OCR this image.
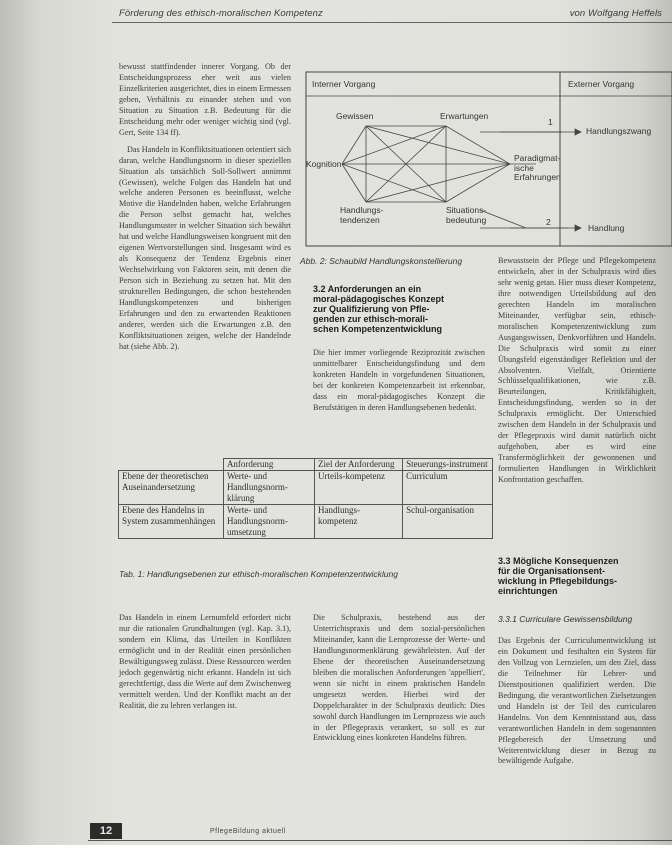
Förderung des ethisch-moralischen Kompetenz	von Wolfgang Heffels

bewusst stattfindender innerer Vorgang. Ob der Entscheidungsprozess eher weit aus vielen Einzelkriterien ausgerichtet, dies in einem Ermessen geben, Verhältnis zu einander stehen und von Situation zu Situation z.B. Bedeutung für die Entscheidung mehr oder weniger wichtig sind (vgl. Gert, Seite 134 ff).

Das Handeln in Konfliktsituationen orientiert sich daran, welche Handlungsnorm in dieser speziellen Situation als tatsächlich Soll-Sollwert annimmt (Gewissen), welche Folgen das Handeln hat und welche anderen Personen es beeinflusst, welche Motive die Handelnden haben, welche Erfahrungen die Person selbst gemacht hat, welches Handlungsmuster in welcher Situation sich bewährt hat und welche Handlungsweisen kongruent mit den eigenen Wertvorstellungen sind. Insgesamt wird es als Konsequenz der Tendenz Ergebnis einer Wechselwirkung von Faktoren sein, mit denen die Person sich in Beziehung zu setzen hat. Mit den strukturellen Bedingungen, die schon bestehenden Handlungskompetenzen und bisherigen Erfahrungen und den zu erwartenden Reaktionen anderer, werden sich die Erwartungen z.B. den Konfliktsituationen zeigen, welche der Handelnde hat (siehe Abb. 2).

Interner Vorgang	Externer Vorgang
Gewissen	Erwartungen
Kognition
Paradigmat-
ische
Erfahrungen
Handlungs-
tendenzen
Situations-
bedeutung
1
2
Handlungszwang
Handlung
Abb. 2: Schaubild Handlungskonstellierung
3.2 Anforderungen an ein
moral-pädagogisches Konzept
zur Qualifizierung von Pfle-
genden zur ethisch-morali-
schen Kompetenzentwicklung

Die hier immer vorliegende Reziprozität zwischen unmittelbarer Entscheidungsfindung und dem konkreten Handeln in vorgefundenen Situationen, bei der konkreten Kompetenzarbeit ist erkennbar, dass ein moral-pädagogisches Konzept die Berufstätigen in deren Handlungsebenen bedenkt.

Bewusstsein der Pflege und Pflegekompetenz entwickeln, aber in der Schulpraxis wird dies sehr wenig getan. Hier muss dieser Kompetenz, ihre notwendigen Urteilsbildung auf den gerechten Handeln im moralischen Miteinander, verfügbar sein, ethisch-moralischen Kompetenzentwicklung zum Ausgangswissen, Denkvorführen und Handeln. Die Schulpraxis wird somit zu einer Übungsfeld eigenständiger Reflektion und der Absolventen. Vielfalt, Orientierte Schlüsselqualifikationen, wie z.B. Beurteilungen, Kritikfähigkeit, Entscheidungsfindung, werden so in der Schulpraxis ermöglicht. Der Unterschied zwischen dem Handeln in der Schulpraxis und der Pflegepraxis wird damit natürlich nicht aufgehoben, aber es wird eine Transfermöglichkeit der gewonnenen und formulierten Handlungen in Wirklichkeit Konfrontation geschaffen.

	Anforderung	Ziel der Anforderung	Steuerungs-instrument
Ebene der theoretischen Auseinandersetzung	Werte- und Handlungsnorm-klärung	Urteils-kompetenz	Curriculum
Ebene des Handelns in System zusammenhängen	Werte- und Handlungsnorm-umsetzung	Handlungs-kompetenz	Schul-organisation
Tab. 1: Handlungsebenen zur ethisch-moralischen Kompetenzentwicklung
3.3 Mögliche Konsequenzen
für die Organisationsent-
wicklung in Pflegebildungs-
einrichtungen
3.3.1 Curriculare Gewissensbildung

Das Handeln in einem Lernumfeld erfordert nicht nur die rationalen Grundhaltungen (vgl. Kap. 3.1), sondern ein Klima, das Urteilen in Konflikten ermöglicht und in der Realität einen persönlichen Bewältigungsweg zulässt. Diese Ressourcen werden jedoch gegenwärtig nicht erkannt. Handeln ist sich gerechtfertigt, dass die Werte auf dem Zwischenweg vermittelt werden. Und der Konflikt macht an der Realität, die zu lehren verlangen ist.

Die Schulpraxis, bestehend aus der Unterrichtspraxis und dem sozial-persönlichen Miteinander, kann die Lernprozesse der Werte- und Handlungsnormenklärung gewährleisten. Auf der Ebene der theoretischen Auseinandersetzung bleiben die moralischen Anforderungen 'appelliert', wenn sie nicht in einem praktischen Handeln umgesetzt werden. Hierbei wird der Doppelcharakter in der Schulpraxis deutlich: Dies sowohl durch Handlungen im Lernprozess wie auch in der Pflegepraxis verankert, so soll es zur Entwicklung eines konkreten Handelns führen.

Das Ergebnis der Curriculumentwicklung ist ein Dokument und festhalten ein System für den Vollzug von Lernzielen, um den Ziel, dass die Teilnehmer für Lehrer- und Dienstpositionen qualifiziert werden. Die Bedingung, die verantwortlichen Zielsetzungen und Handeln ist der Teil des curricularen Handelns. Von dem Kenntnisstand aus, dass verantwortlichen Handeln in dem sogenannten Pflegebereich der Umsetzung und Weiterentwicklung dieser in Bezug zu bewältigende Aufgabe.

12	PflegeBildung aktuell
